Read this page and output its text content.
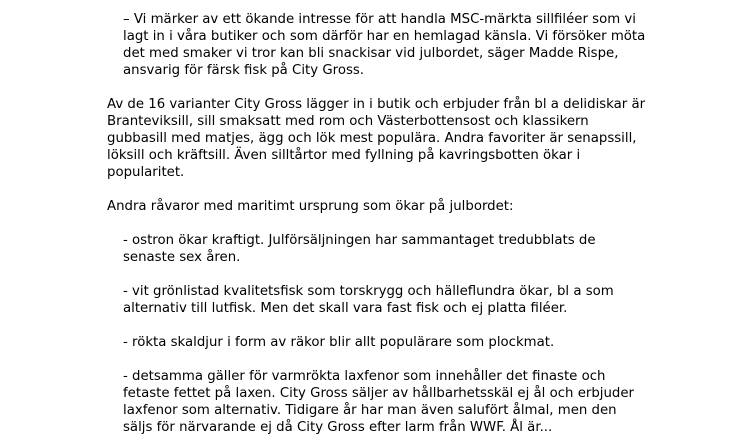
– Vi märker av ett ökande intresse för att handla MSC-märkta sillfiléer som vi
lagt in i våra butiker och som därför har en hemlagad känsla. Vi försöker möta
det med smaker vi tror kan bli snackisar vid julbordet, säger Madde Rispe,
ansvarig för färsk fisk på City Gross.

Av de 16 varianter City Gross lägger in i butik och erbjuder från bl a delidiskar är
Branteviksill, sill smaksatt med rom och Västerbottensost och klassikern
gubbasill med matjes, ägg och lök mest populära. Andra favoriter är senapssill,
löksill och kräftsill. Även silltårtor med fyllning på kavringsbotten ökar i
popularitet.

Andra råvaror med maritimt ursprung som ökar på julbordet:

- ostron ökar kraftigt. Julförsäljningen har sammantaget tredubblats de
senaste sex åren.

- vit grönlistad kvalitetsfisk som torskrygg och hälleflundra ökar, bl a som
alternativ till lutfisk. Men det skall vara fast fisk och ej platta filéer.

- rökta skaldjur i form av räkor blir allt populärare som plockmat.

- detsamma gäller för varmrökta laxfenor som innehåller det finaste och
fetaste fettet på laxen. City Gross säljer av hållbarhetsskäl ej ål och erbjuder
laxfenor som alternativ. Tidigare år har man även salufört ålmal, men den
säljs för närvarande ej då City Gross efter larm från WWF. Ål är...
